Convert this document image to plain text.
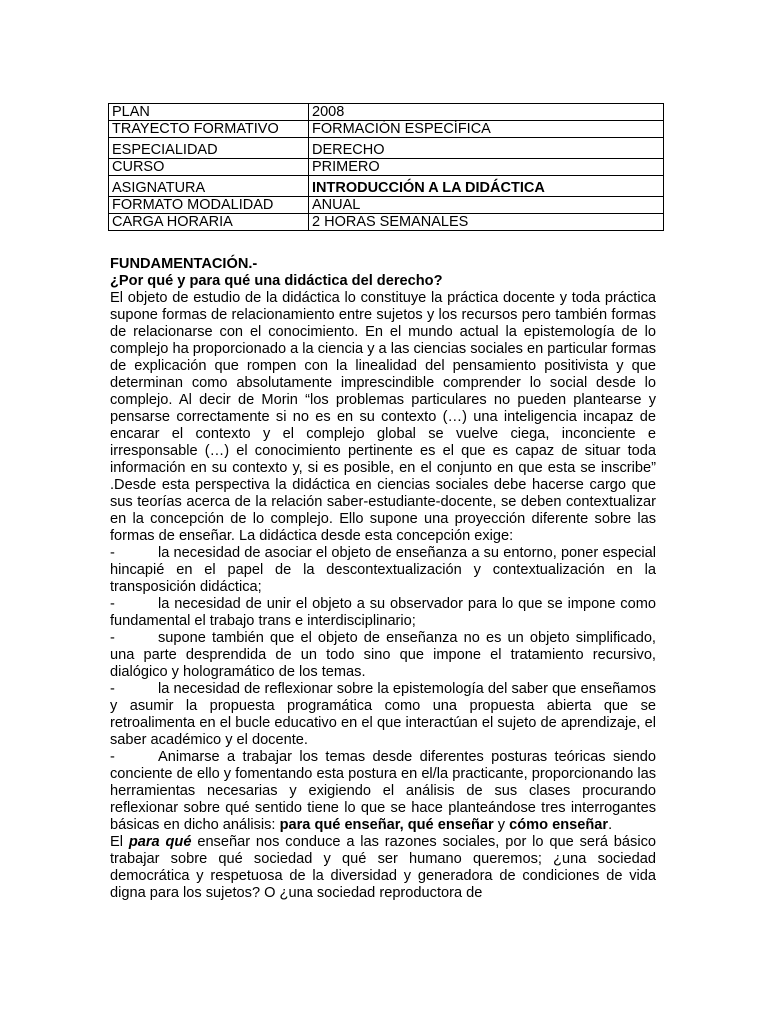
PLAN	2008
TRAYECTO FORMATIVO	FORMACIÓN ESPECÍFICA
ESPECIALIDAD	DERECHO
CURSO	PRIMERO
ASIGNATURA	INTRODUCCIÓN A LA DIDÁCTICA
FORMATO MODALIDAD	ANUAL
CARGA HORARIA	2 HORAS SEMANALES

FUNDAMENTACIÓN.-

¿Por qué y para qué una didáctica del derecho?

El objeto de estudio de la didáctica lo constituye la práctica docente y toda práctica supone formas de relacionamiento entre sujetos y los recursos pero también formas de relacionarse con el conocimiento. En el mundo actual la epistemología de lo complejo ha proporcionado a la ciencia y a las ciencias sociales en particular formas de explicación que rompen con la linealidad del pensamiento positivista y que determinan como absolutamente imprescindible comprender lo social desde lo complejo. Al decir de Morin “los problemas particulares no pueden plantearse y pensarse correctamente si no es en su contexto (…) una inteligencia incapaz de encarar el contexto y el complejo global se vuelve ciega, inconciente e irresponsable (…) el conocimiento pertinente es el que es capaz de situar toda información en su contexto y, si es posible, en el conjunto en que esta se inscribe” .Desde esta perspectiva la didáctica en ciencias sociales debe hacerse cargo que sus teorías acerca de la relación saber-estudiante-docente, se deben contextualizar en la concepción de lo complejo. Ello supone una proyección diferente sobre las formas de enseñar. La didáctica desde esta concepción exige:

-	la necesidad de asociar el objeto de enseñanza a su entorno, poner especial hincapié en el papel de la descontextualización y contextualización en la transposición didáctica;

-	la necesidad de unir el objeto a su observador para lo que se impone como fundamental el trabajo trans e interdisciplinario;

-	supone también que el objeto de enseñanza no es un objeto simplificado, una parte desprendida de un todo sino que impone el tratamiento recursivo, dialógico y hologramático de los temas.

-	la necesidad de reflexionar sobre la epistemología del saber que enseñamos y asumir la propuesta programática como una propuesta abierta que se retroalimenta en el bucle educativo en el que interactúan el sujeto de aprendizaje, el saber académico y el docente.

-	Animarse a trabajar los temas desde diferentes posturas teóricas siendo conciente de ello y fomentando esta postura en el/la practicante, proporcionando las herramientas necesarias y exigiendo el análisis de sus clases procurando reflexionar sobre qué sentido tiene lo que se hace planteándose tres interrogantes básicas en dicho análisis: para qué enseñar, qué enseñar y cómo enseñar.

El para qué enseñar nos conduce a las razones sociales, por lo que será básico trabajar sobre qué sociedad y qué ser humano queremos; ¿una sociedad democrática y respetuosa de la diversidad y generadora de condiciones de vida digna para los sujetos? O ¿una sociedad reproductora de
